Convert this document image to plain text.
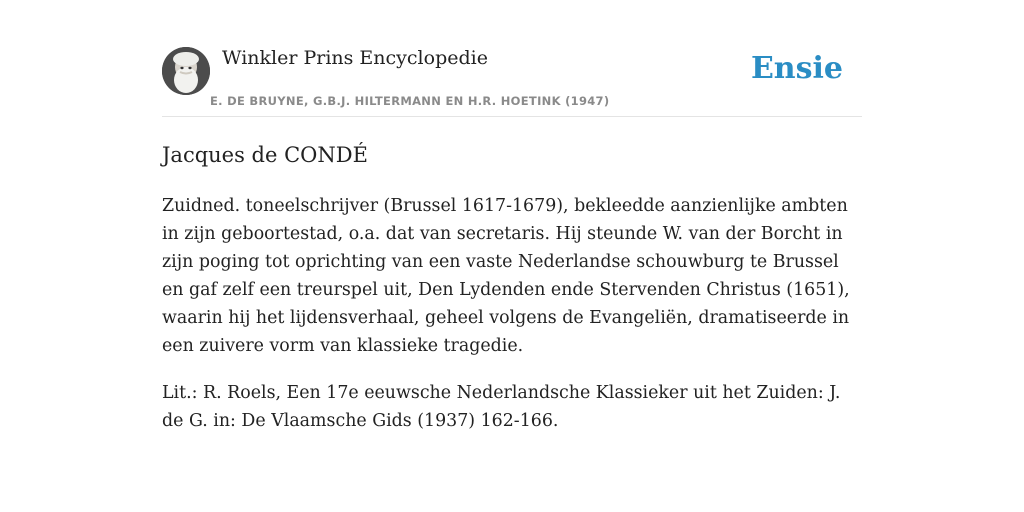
Winkler Prins Encyclopedie
E. DE BRUYNE, G.B.J. HILTERMANN EN H.R. HOETINK (1947)
Ensie
Jacques de CONDÉ

Zuidned. toneelschrijver (Brussel 1617-1679), bekleedde aanzienlijke ambten in zijn geboortestad, o.a. dat van secretaris. Hij steunde W. van der Borcht in zijn poging tot oprichting van een vaste Nederlandse schouwburg te Brussel en gaf zelf een treurspel uit, Den Lydenden ende Stervenden Christus (1651), waarin hij het lijdensverhaal, geheel volgens de Evangeliën, dramatiseerde in een zuivere vorm van klassieke tragedie.

Lit.: R. Roels, Een 17e eeuwsche Nederlandsche Klassieker uit het Zuiden: J. de G. in: De Vlaamsche Gids (1937) 162-166.
